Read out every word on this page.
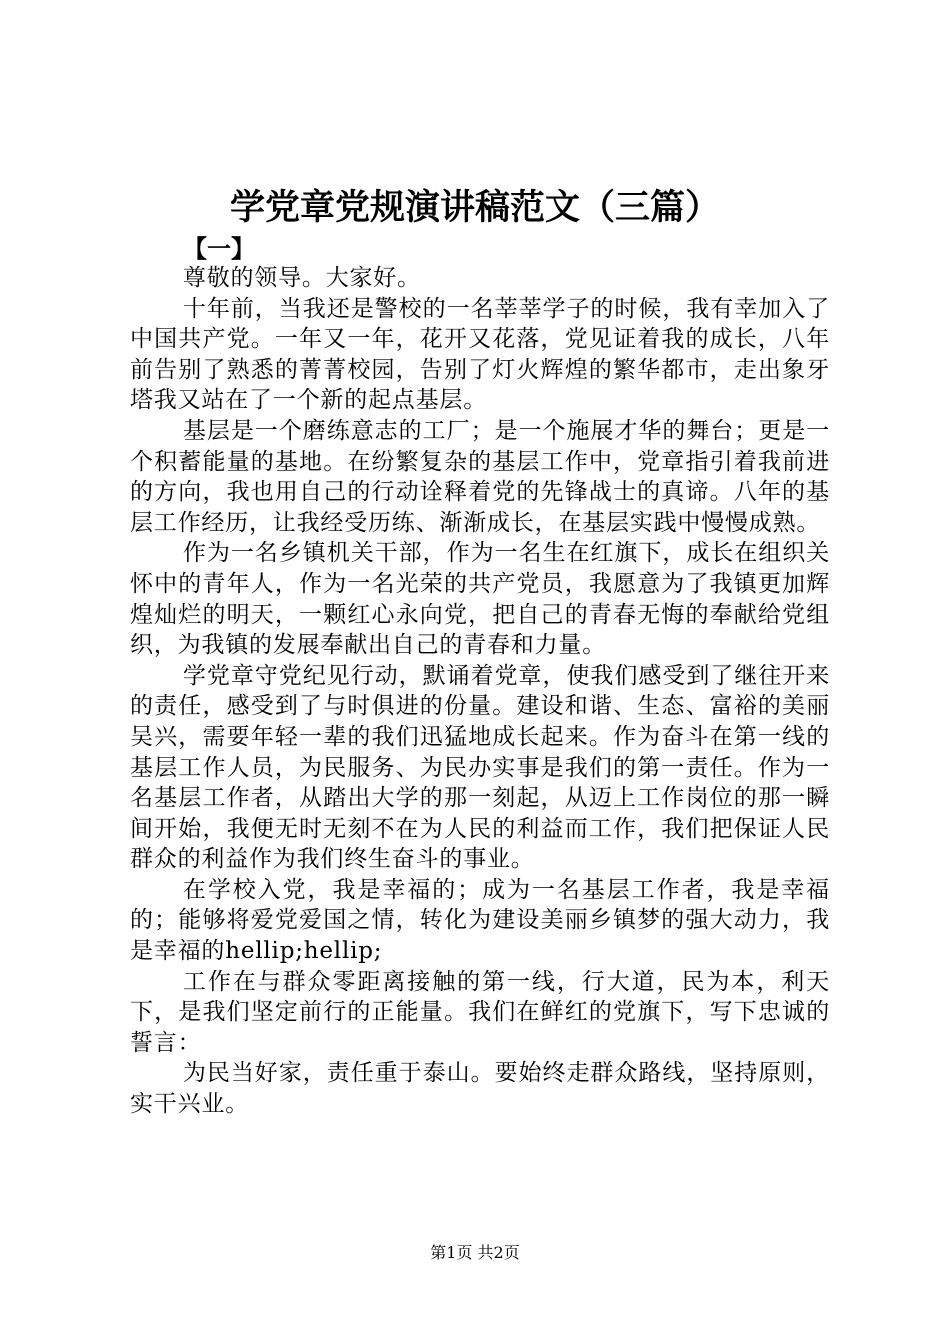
学党章党规演讲稿范文（三篇）
【一】

尊敬的领导。大家好。

十年前，当我还是警校的一名莘莘学子的时候，我有幸加入了中国共产党。一年又一年，花开又花落，党见证着我的成长，八年前告别了熟悉的菁菁校园，告别了灯火辉煌的繁华都市，走出象牙塔我又站在了一个新的起点基层。

基层是一个磨练意志的工厂；是一个施展才华的舞台；更是一个积蓄能量的基地。在纷繁复杂的基层工作中，党章指引着我前进的方向，我也用自己的行动诠释着党的先锋战士的真谛。八年的基层工作经历，让我经受历练、渐渐成长，在基层实践中慢慢成熟。

作为一名乡镇机关干部，作为一名生在红旗下，成长在组织关怀中的青年人，作为一名光荣的共产党员，我愿意为了我镇更加辉煌灿烂的明天，一颗红心永向党，把自己的青春无悔的奉献给党组织，为我镇的发展奉献出自己的青春和力量。

学党章守党纪见行动，默诵着党章，使我们感受到了继往开来的责任，感受到了与时俱进的份量。建设和谐、生态、富裕的美丽吴兴，需要年轻一辈的我们迅猛地成长起来。作为奋斗在第一线的基层工作人员，为民服务、为民办实事是我们的第一责任。作为一名基层工作者，从踏出大学的那一刻起，从迈上工作岗位的那一瞬间开始，我便无时无刻不在为人民的利益而工作，我们把保证人民群众的利益作为我们终生奋斗的事业。

在学校入党，我是幸福的；成为一名基层工作者，我是幸福的；能够将爱党爱国之情，转化为建设美丽乡镇梦的强大动力，我是幸福的hellip;hellip;

工作在与群众零距离接触的第一线，行大道，民为本，利天下，是我们坚定前行的正能量。我们在鲜红的党旗下，写下忠诚的誓言：

为民当好家，责任重于泰山。要始终走群众路线，坚持原则，实干兴业。

第1页 共2页
